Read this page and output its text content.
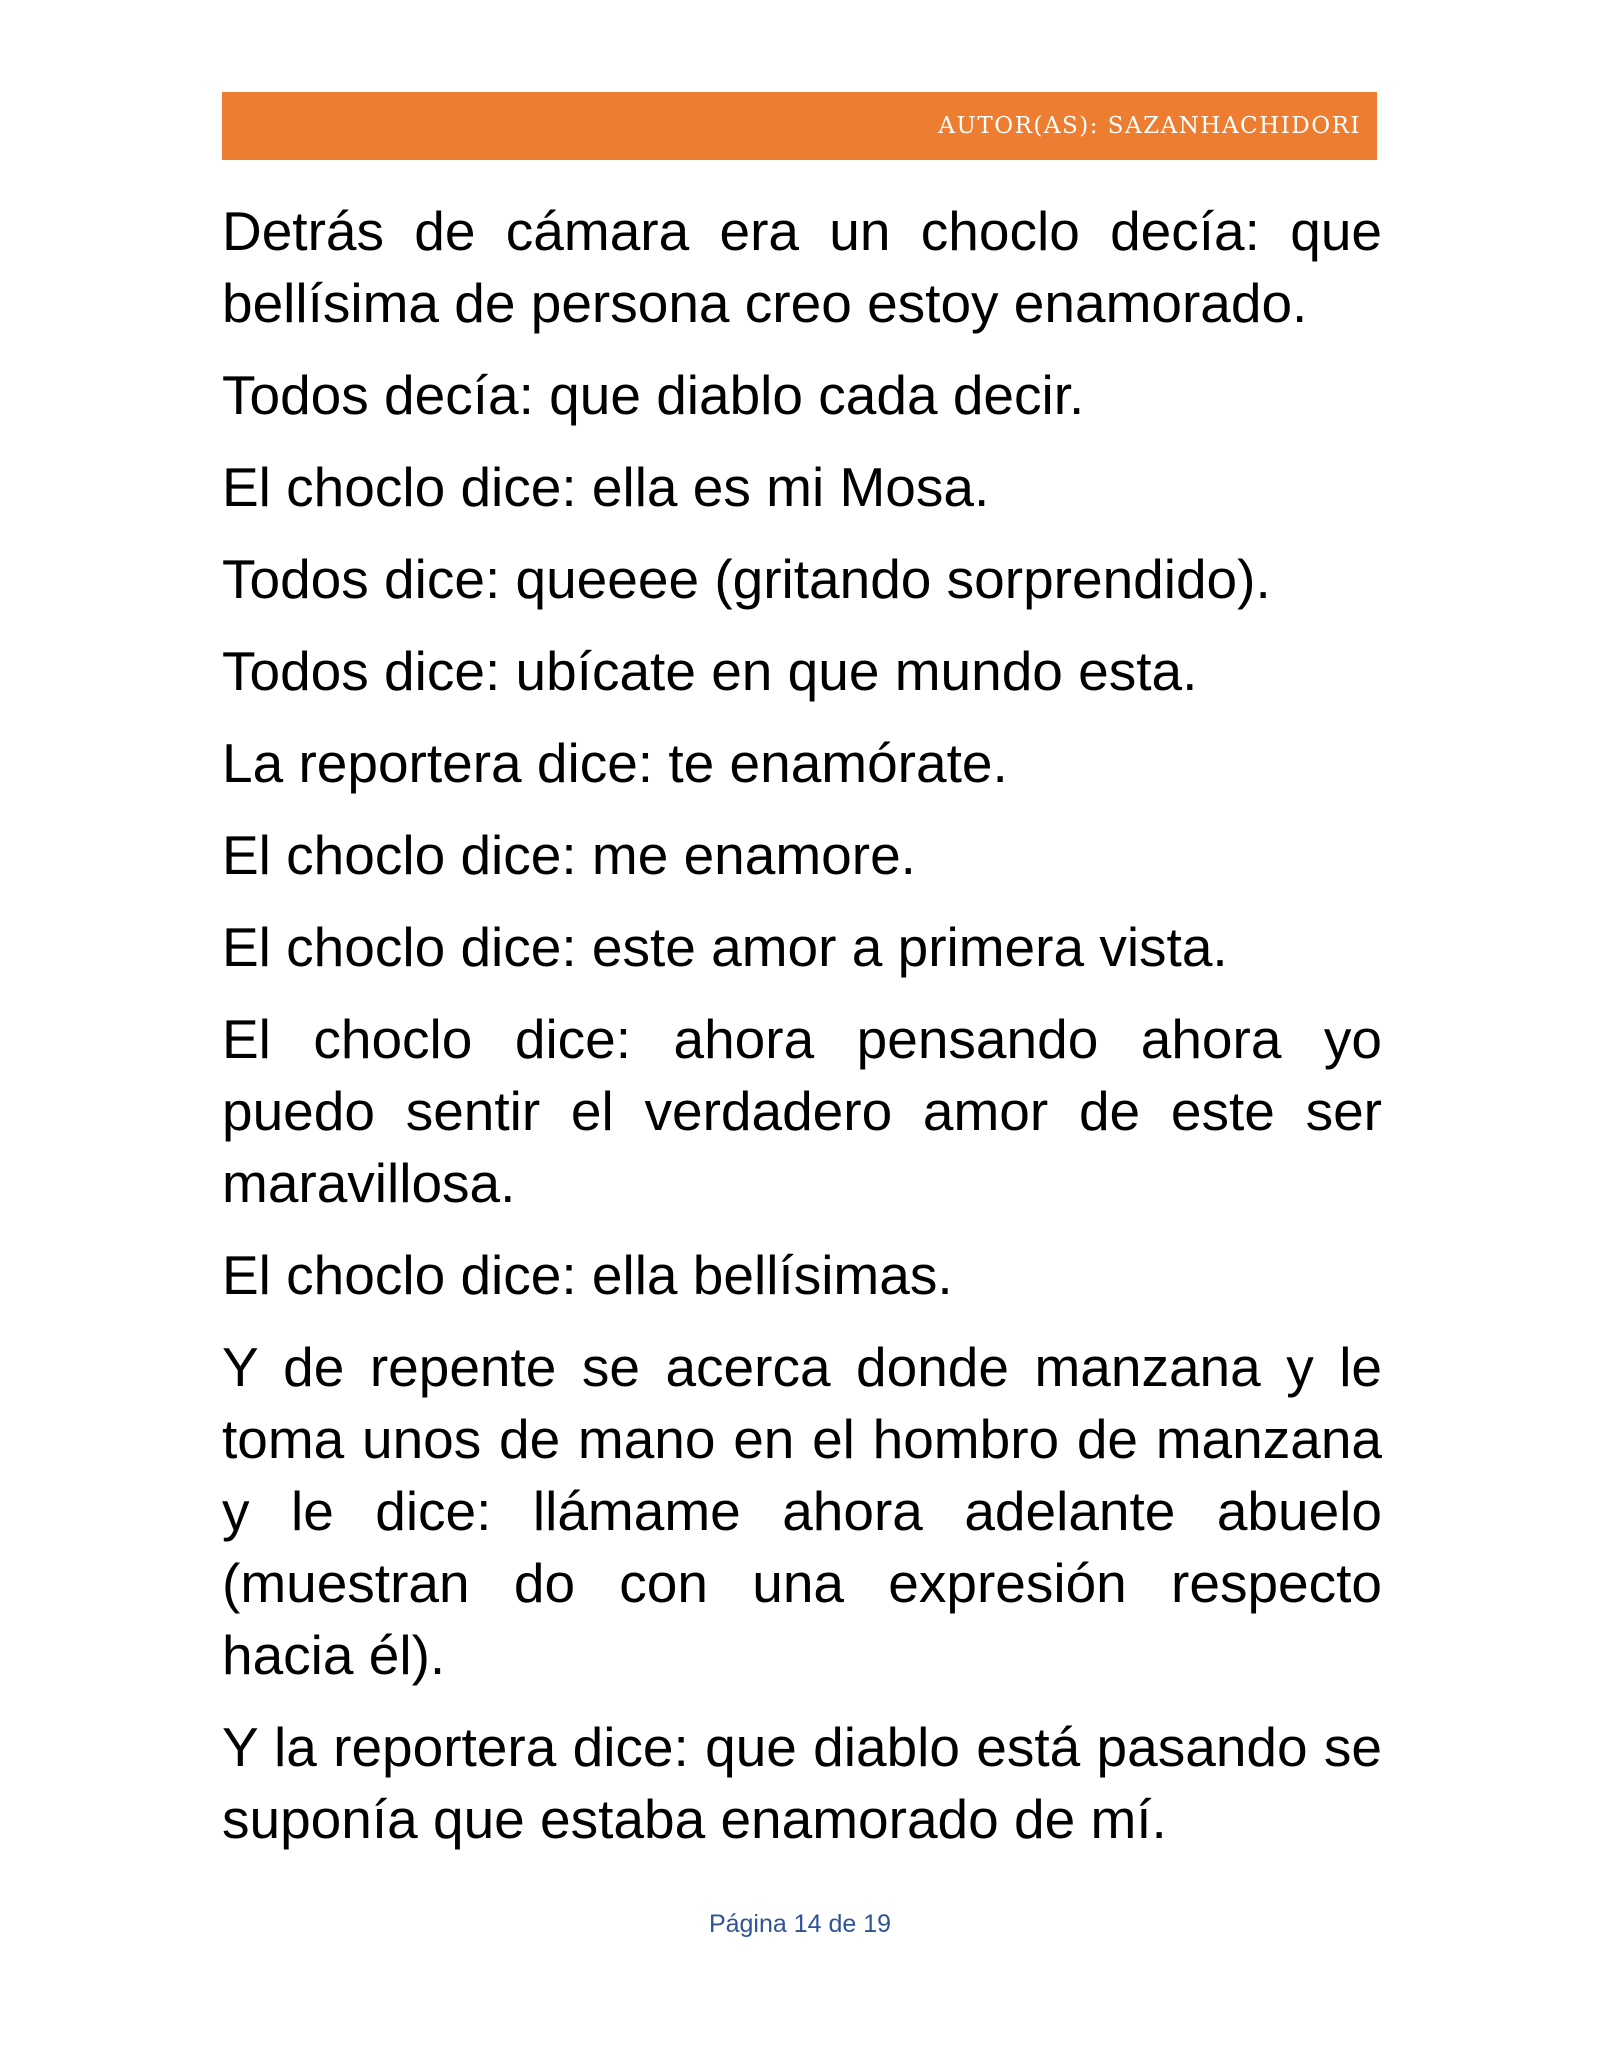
AUTOR(AS): SAZANHACHIDORI

Detrás de cámara era un choclo decía: que bellísima de persona creo estoy enamorado.

Todos decía: que diablo cada decir.

El choclo dice: ella es mi Mosa.

Todos dice: queeee (gritando sorprendido).

Todos dice: ubícate en que mundo esta.

La reportera dice: te enamórate.

El choclo dice: me enamore.

El choclo dice: este amor a primera vista.

El choclo dice: ahora pensando ahora yo puedo sentir el verdadero amor de este ser maravillosa.

El choclo dice: ella bellísimas.

Y de repente se acerca donde manzana y le toma unos de mano en el hombro de manzana y le dice: llámame ahora adelante abuelo (muestran do con una expresión respecto hacia él).

Y la reportera dice: que diablo está pasando se suponía que estaba enamorado de mí.

Página 14 de 19
